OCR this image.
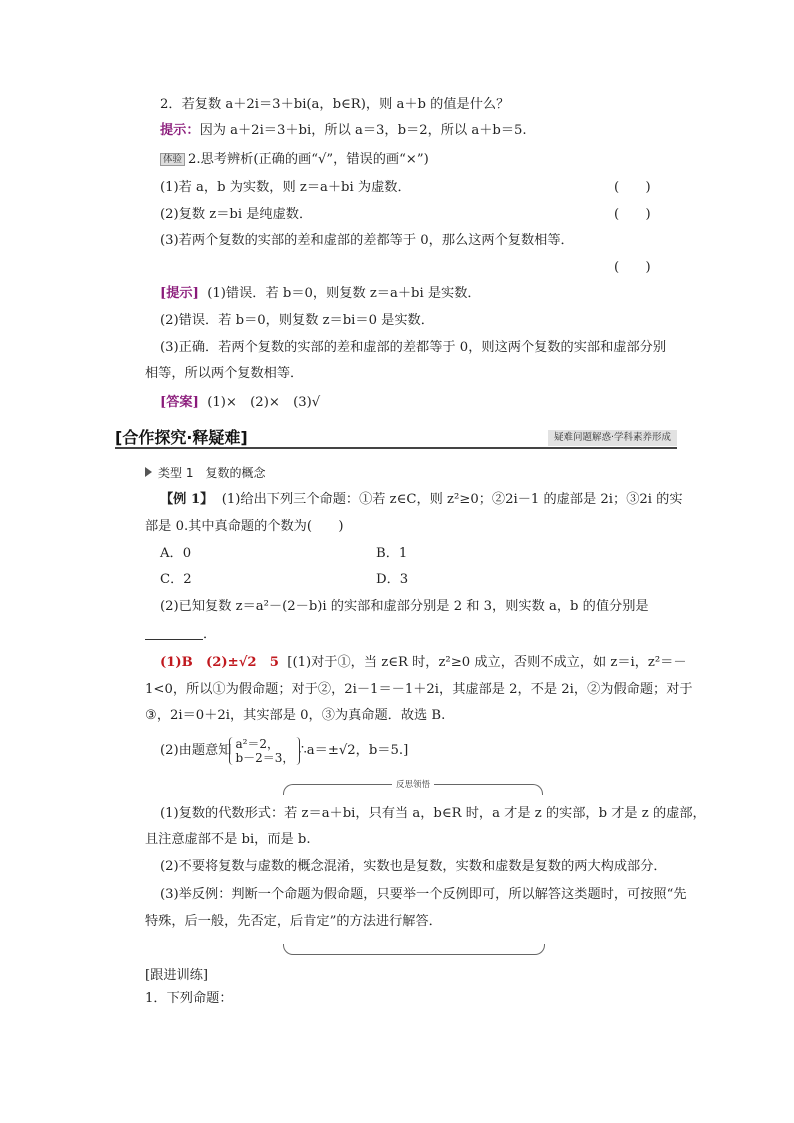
2．若复数 a＋2i＝3＋bi(a，b∈R)，则 a＋b 的值是什么？
提示：因为 a＋2i＝3＋bi，所以 a＝3，b＝2，所以 a＋b＝5.
体验 2.思考辨析(正确的画“√”，错误的画“×”)
(1)若 a，b 为实数，则 z＝a＋bi 为虚数．	(　　)
(2)复数 z＝bi 是纯虚数．	(　　)
(3)若两个复数的实部的差和虚部的差都等于 0，那么这两个复数相等．
(　　)
[提示] (1)错误．若 b＝0，则复数 z＝a＋bi 是实数．
(2)错误．若 b＝0，则复数 z＝bi＝0 是实数．
(3)正确．若两个复数的实部的差和虚部的差都等于 0，则这两个复数的实部和虚部分别
相等，所以两个复数相等．
[答案] (1)×　(2)×　(3)√
[合作探究·释疑难]	疑难问题解惑·学科素养形成
类型 1　复数的概念
【例 1】 (1)给出下列三个命题：①若 z∈C，则 z²≥0；②2i－1 的虚部是 2i；③2i 的实
部是 0.其中真命题的个数为(　　)
A．0	B．1
C．2	D．3
(2)已知复数 z＝a²－(2－b)i 的实部和虚部分别是 2 和 3，则实数 a，b 的值分别是
．
(1)B　(2)±√2　5 [(1)对于①，当 z∈R 时，z²≥0 成立，否则不成立，如 z＝i，z²＝－
1<0，所以①为假命题；对于②，2i－1＝－1＋2i，其虚部是 2，不是 2i，②为假命题；对于
③，2i＝0＋2i，其实部是 0，③为真命题．故选 B.
(2)由题意知 a²＝2，
b－2＝3， ∴a＝±√2，b＝5.]
反思领悟
(1)复数的代数形式：若 z＝a＋bi，只有当 a，b∈R 时，a 才是 z 的实部，b 才是 z 的虚部，
且注意虚部不是 bi，而是 b.
(2)不要将复数与虚数的概念混淆，实数也是复数，实数和虚数是复数的两大构成部分．
(3)举反例：判断一个命题为假命题，只要举一个反例即可，所以解答这类题时，可按照“先
特殊，后一般，先否定，后肯定”的方法进行解答．
[跟进训练]
1．下列命题：
